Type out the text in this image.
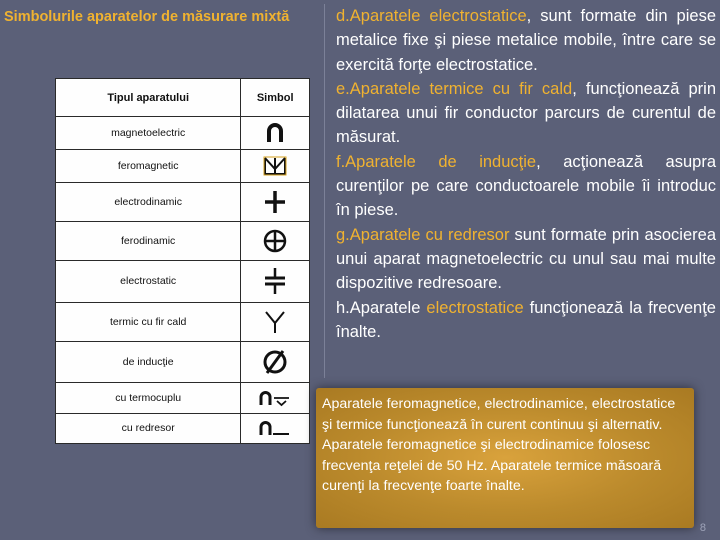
Simbolurile aparatelor de măsurare mixtă
Tipul aparatului	Simbol
magnetoelectric	

feromagnetic	

electrodinamic	

ferodinamic	

electrostatic	

termic cu fir cald	

de inducţie	

cu termocuplu	

cu redresor	

d.Aparatele electrostatice, sunt formate din piese metalice fixe şi piese metalice mobile, între care se exercită forţe electrostatice.

e.Aparatele termice cu fir cald, funcţionează prin dilatarea unui fir conductor parcurs de curentul de măsurat.

f.Aparatele de inducţie, acţionează asupra curenţilor pe care conductoarele mobile îi introduc în piese.

g.Aparatele cu redresor sunt formate prin asocierea unui aparat magnetoelectric cu unul sau mai multe dispozitive redresoare.

h.Aparatele electrostatice funcţionează la frecvenţe înalte.

Aparatele feromagnetice, electrodinamice, electrostatice şi termice funcţionează în curent continuu şi alternativ. Aparatele feromagnetice şi electrodinamice folosesc frecvenţa reţelei de 50 Hz. Aparatele termice măsoară curenţi la frecvenţe foarte înalte.
8
